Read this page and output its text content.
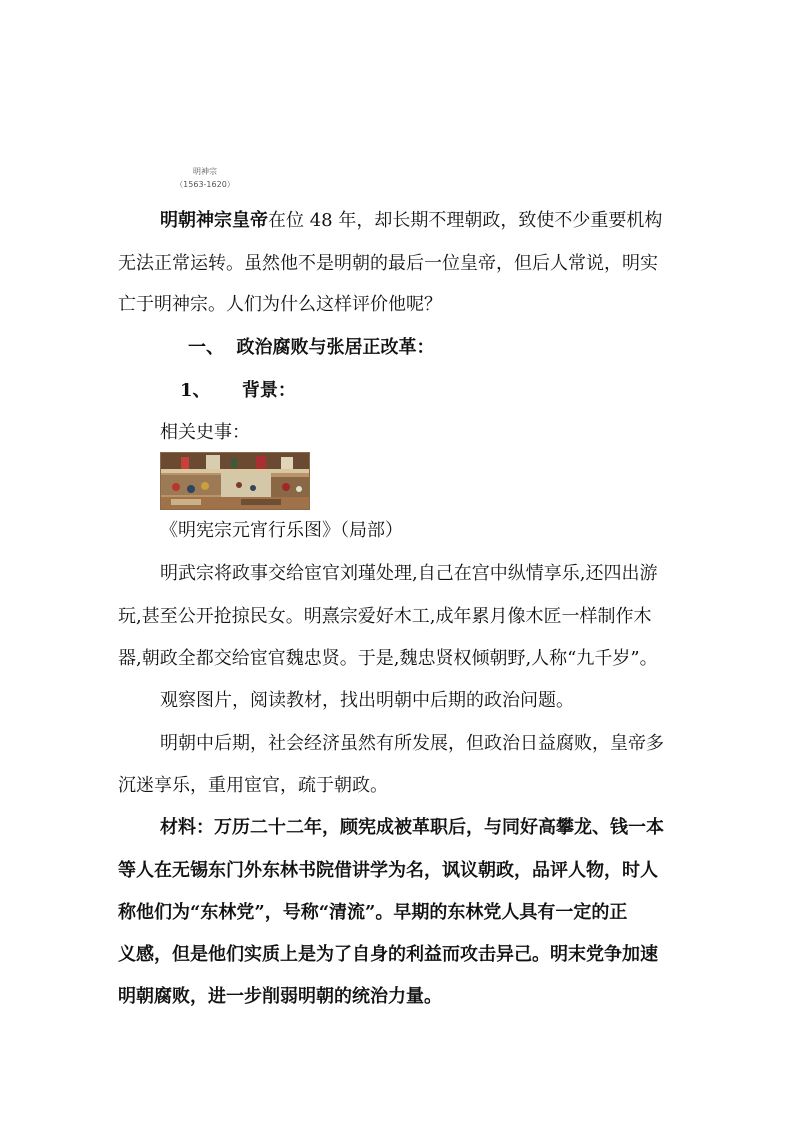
明神宗
（1563-1620）

明朝神宗皇帝在位 48 年，却长期不理朝政，致使不少重要机构

无法正常运转。虽然他不是明朝的最后一位皇帝，但后人常说，明实

亡于明神宗。人们为什么这样评价他呢？

一、 政治腐败与张居正改革：

1、 背景：

相关史事：

《明宪宗元宵行乐图》（局部）

明武宗将政事交给宦官刘瑾处理,自己在宫中纵情享乐,还四出游

玩,甚至公开抢掠民女。明熹宗爱好木工,成年累月像木匠一样制作木

器,朝政全都交给宦官魏忠贤。于是,魏忠贤权倾朝野,人称“九千岁”。

观察图片，阅读教材，找出明朝中后期的政治问题。

明朝中后期，社会经济虽然有所发展，但政治日益腐败，皇帝多

沉迷享乐，重用宦官，疏于朝政。

材料：万历二十二年，顾宪成被革职后，与同好高攀龙、钱一本

等人在无锡东门外东林书院借讲学为名，讽议朝政，品评人物，时人

称他们为“东林党”，号称“清流”。早期的东林党人具有一定的正

义感，但是他们实质上是为了自身的利益而攻击异己。明末党争加速

明朝腐败，进一步削弱明朝的统治力量。
